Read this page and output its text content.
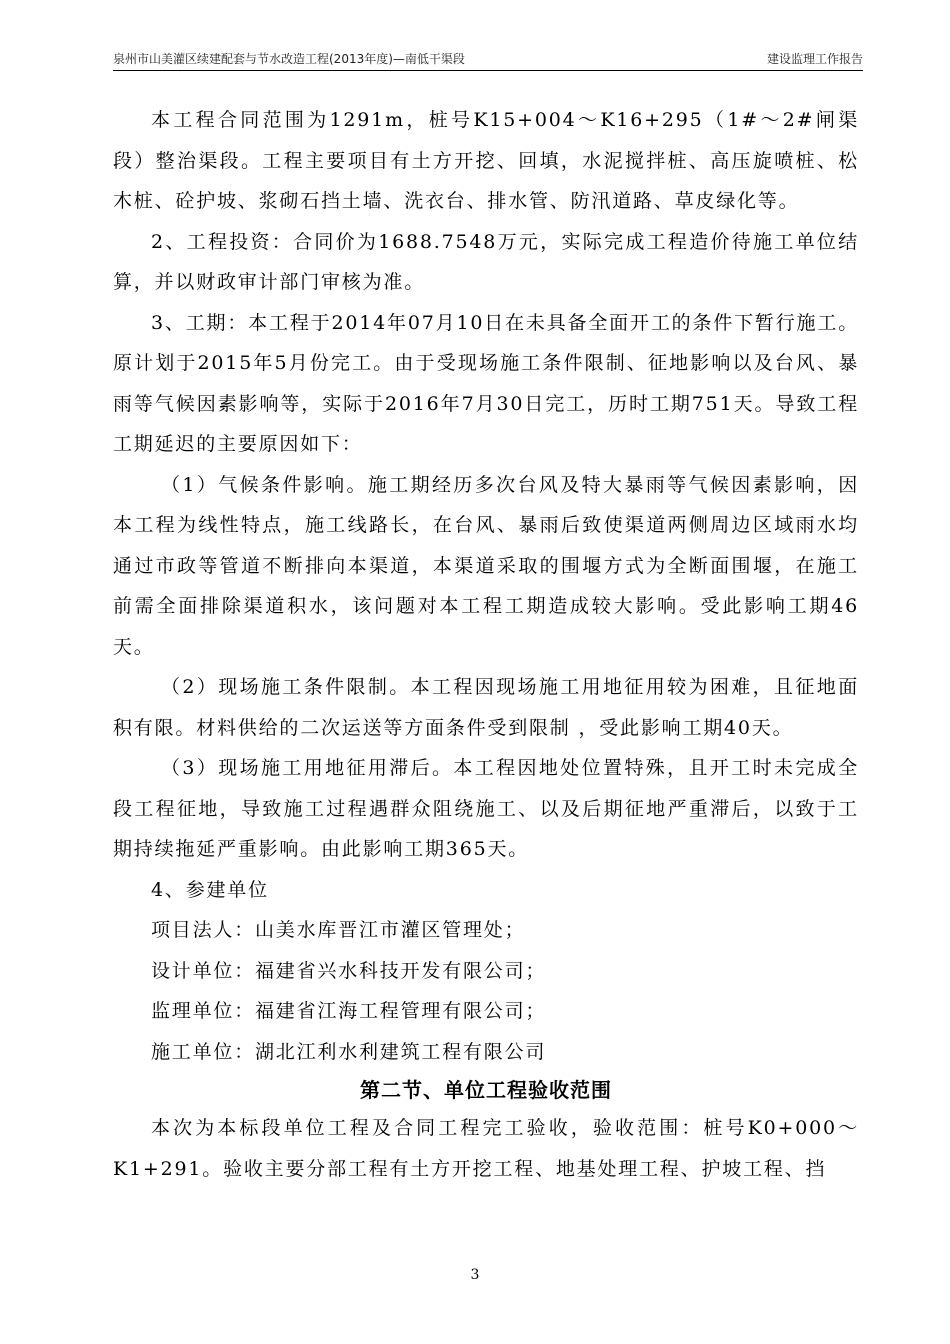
泉州市山美灌区续建配套与节水改造工程(2013年度)—南低干渠段	建设监理工作报告

本工程合同范围为1291m，桩号K15+004～K16+295（1#～2#闸渠段）整治渠段。工程主要项目有土方开挖、回填，水泥搅拌桩、高压旋喷桩、松木桩、砼护坡、浆砌石挡土墙、洗衣台、排水管、防汛道路、草皮绿化等。

2、工程投资：合同价为1688.7548万元，实际完成工程造价待施工单位结算，并以财政审计部门审核为准。

3、工期：本工程于2014年07月10日在未具备全面开工的条件下暂行施工。原计划于2015年5月份完工。由于受现场施工条件限制、征地影响以及台风、暴雨等气候因素影响等，实际于2016年7月30日完工，历时工期751天。导致工程工期延迟的主要原因如下：

（1）气候条件影响。施工期经历多次台风及特大暴雨等气候因素影响，因本工程为线性特点，施工线路长，在台风、暴雨后致使渠道两侧周边区域雨水均通过市政等管道不断排向本渠道，本渠道采取的围堰方式为全断面围堰，在施工前需全面排除渠道积水，该问题对本工程工期造成较大影响。受此影响工期46天。

（2）现场施工条件限制。本工程因现场施工用地征用较为困难，且征地面积有限。材料供给的二次运送等方面条件受到限制 ，受此影响工期40天。

（3）现场施工用地征用滞后。本工程因地处位置特殊，且开工时未完成全段工程征地，导致施工过程遇群众阻绕施工、以及后期征地严重滞后，以致于工期持续拖延严重影响。由此影响工期365天。

4、参建单位

项目法人：山美水库晋江市灌区管理处；

设计单位：福建省兴水科技开发有限公司；

监理单位：福建省江海工程管理有限公司；

施工单位：湖北江利水利建筑工程有限公司

第二节、单位工程验收范围

本次为本标段单位工程及合同工程完工验收，验收范围：桩号K0+000～K1+291。验收主要分部工程有土方开挖工程、地基处理工程、护坡工程、挡

3
